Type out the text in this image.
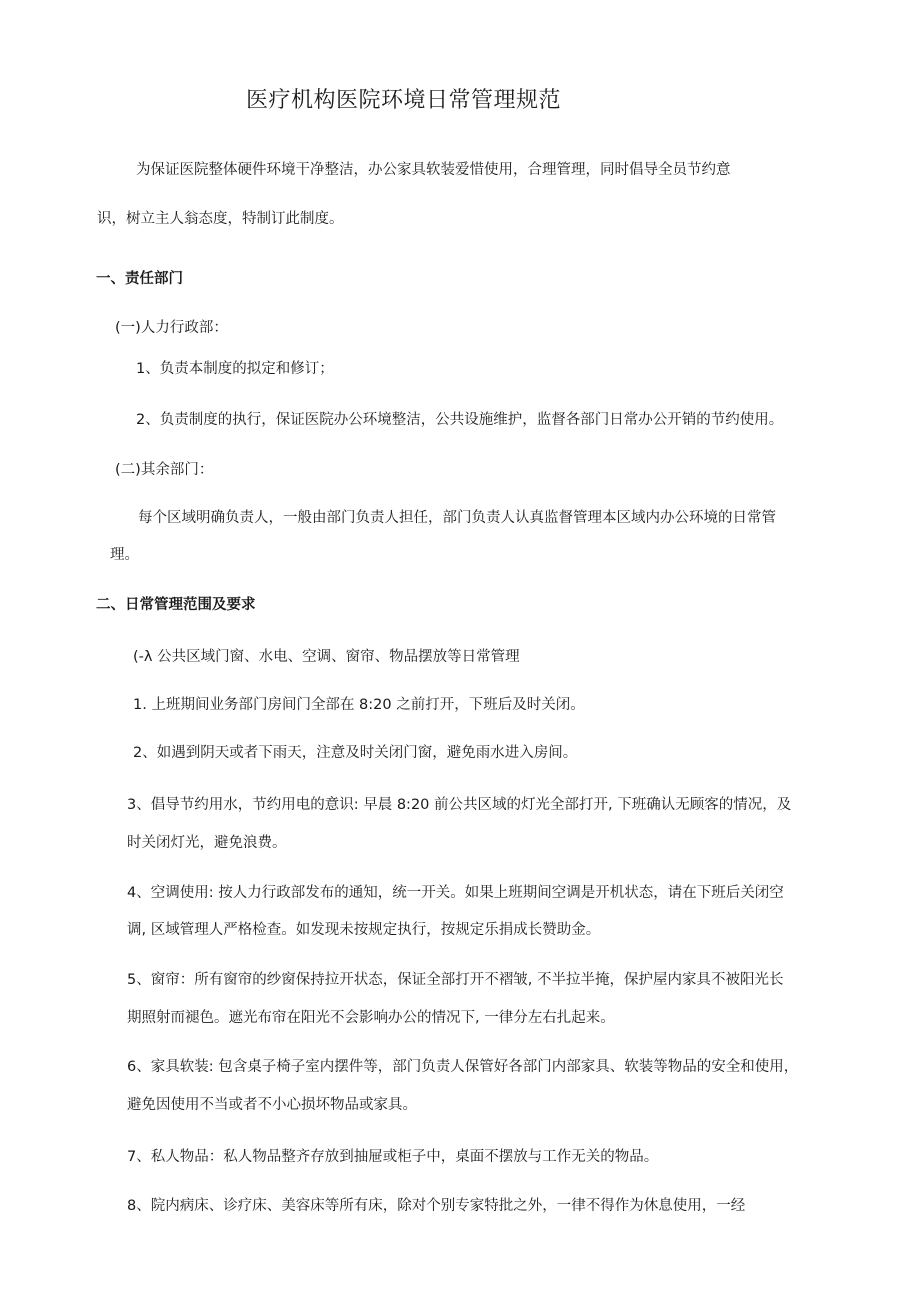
医疗机构医院环境日常管理规范
为保证医院整体硬件环境干净整洁，办公家具软装爱惜使用，合理管理，同时倡导全员节约意
识，树立主人翁态度，特制订此制度。
一、责任部门
(一)人力行政部：
1、负责本制度的拟定和修订；
2、负责制度的执行，保证医院办公环境整洁，公共设施维护，监督各部门日常办公开销的节约使用。
(二)其余部门：
每个区域明确负责人，一般由部门负责人担任，部门负责人认真监督管理本区域内办公环境的日常管
理。
二、日常管理范围及要求
(-λ 公共区域门窗、水电、空调、窗帘、物品摆放等日常管理
1. 上班期间业务部门房间门全部在 8:20 之前打开，下班后及时关闭。
2、如遇到阴天或者下雨天，注意及时关闭门窗，避免雨水进入房间。
3、倡导节约用水，节约用电的意识: 早晨 8:20 前公共区域的灯光全部打开, 下班确认无顾客的情况，及
时关闭灯光，避免浪费。
4、空调使用: 按人力行政部发布的通知，统一开关。如果上班期间空调是开机状态，请在下班后关闭空
调, 区域管理人严格检查。如发现未按规定执行，按规定乐捐成长赞助金。
5、窗帘：所有窗帘的纱窗保持拉开状态，保证全部打开不褶皱, 不半拉半掩，保护屋内家具不被阳光长
期照射而褪色。遮光布帘在阳光不会影响办公的情况下, 一律分左右扎起来。
6、家具软装: 包含桌子椅子室内摆件等，部门负责人保管好各部门内部家具、软装等物品的安全和使用，
避免因使用不当或者不小心损坏物品或家具。
7、私人物品：私人物品整齐存放到抽屉或柜子中，桌面不摆放与工作无关的物品。
8、院内病床、诊疗床、美容床等所有床，除对个别专家特批之外，一律不得作为休息使用，一经
